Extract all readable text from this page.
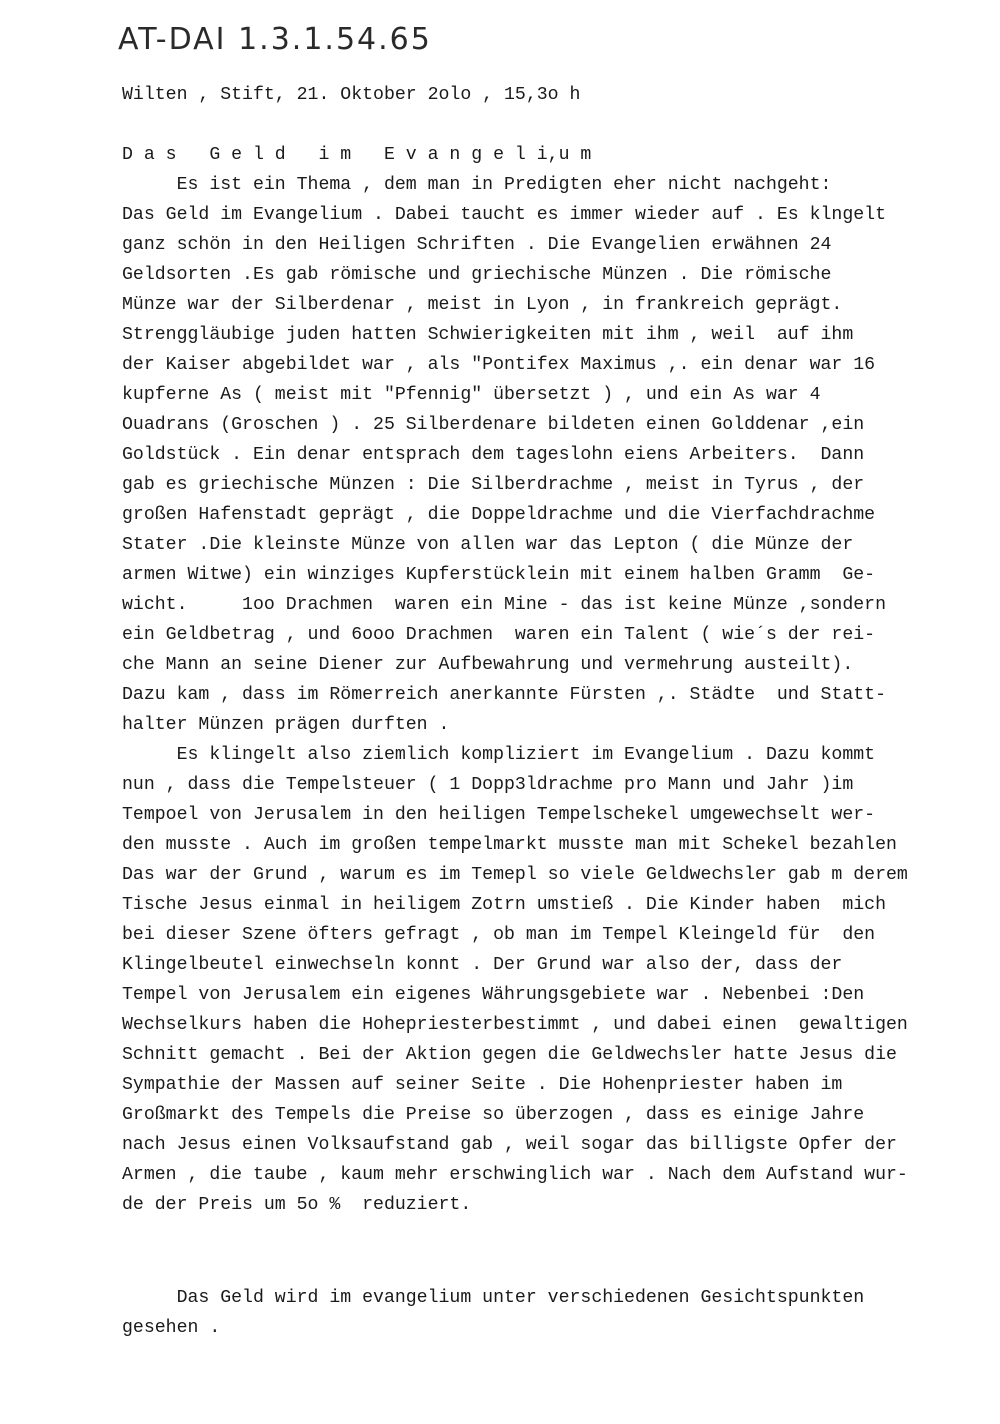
AT-DAI 1.3.1.54.65
Wilten , Stift, 21. Oktober 2olo , 15,3o h
D a s   G e l d   i m   E v a n g e l i,u m
Es ist ein Thema , dem man in Predigten eher nicht nachgeht:
Das Geld im Evangelium . Dabei taucht es immer wieder auf . Es klngelt
ganz schön in den Heiligen Schriften . Die Evangelien erwähnen 24
Geldsorten .Es gab römische und griechische Münzen . Die römische
Münze war der Silberdenar , meist in Lyon , in frankreich geprägt.
Strenggläubige juden hatten Schwierigkeiten mit ihm , weil  auf ihm
der Kaiser abgebildet war , als "Pontifex Maximus ,. ein denar war 16
kupferne As ( meist mit "Pfennig" übersetzt ) , und ein As war 4
Ouadrans (Groschen ) . 25 Silberdenare bildeten einen Golddenar ,ein
Goldstück . Ein denar entsprach dem tageslohn eiens Arbeiters.  Dann
gab es griechische Münzen : Die Silberdrachme , meist in Tyrus , der
großen Hafenstadt geprägt , die Doppeldrachme und die Vierfachdrachme
Stater .Die kleinste Münze von allen war das Lepton ( die Münze der
armen Witwe) ein winziges Kupferstücklein mit einem halben Gramm  Ge-
wicht.     1oo Drachmen  waren ein Mine - das ist keine Münze ,sondern
ein Geldbetrag , und 6ooo Drachmen  waren ein Talent ( wie´s der rei-
che Mann an seine Diener zur Aufbewahrung und vermehrung austeilt).
Dazu kam , dass im Römerreich anerkannte Fürsten ,. Städte  und Statt-
halter Münzen prägen durften .
Es klingelt also ziemlich kompliziert im Evangelium . Dazu kommt
nun , dass die Tempelsteuer ( 1 Dopp3ldrachme pro Mann und Jahr )im
Tempoel von Jerusalem in den heiligen Tempelschekel umgewechselt wer-
den musste . Auch im großen tempelmarkt musste man mit Schekel bezahlen
Das war der Grund , warum es im Temepl so viele Geldwechsler gab m derem
Tische Jesus einmal in heiligem Zotrn umstieß . Die Kinder haben  mich
bei dieser Szene öfters gefragt , ob man im Tempel Kleingeld für  den
Klingelbeutel einwechseln konnt . Der Grund war also der, dass der
Tempel von Jerusalem ein eigenes Währungsgebiete war . Nebenbei :Den
Wechselkurs haben die Hohepriesterbestimmt , und dabei einen  gewaltigen
Schnitt gemacht . Bei der Aktion gegen die Geldwechsler hatte Jesus die
Sympathie der Massen auf seiner Seite . Die Hohenpriester haben im
Großmarkt des Tempels die Preise so überzogen , dass es einige Jahre
nach Jesus einen Volksaufstand gab , weil sogar das billigste Opfer der
Armen , die taube , kaum mehr erschwinglich war . Nach dem Aufstand wur-
de der Preis um 5o %  reduziert.
Das Geld wird im evangelium unter verschiedenen Gesichtspunkten
gesehen .
